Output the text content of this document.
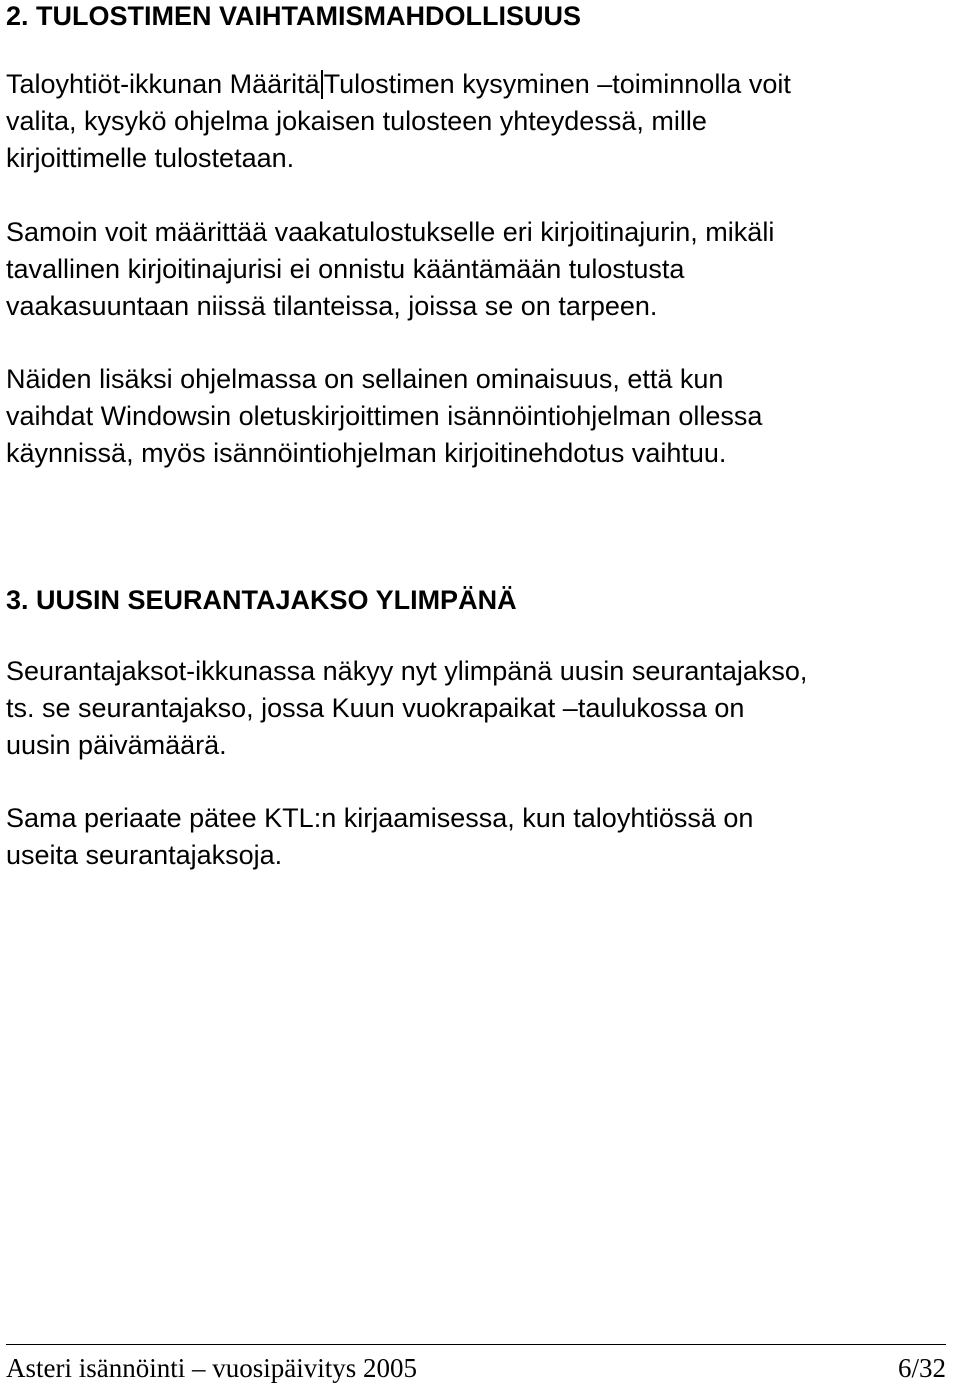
2. TULOSTIMEN VAIHTAMISMAHDOLLISUUS

Taloyhtiöt-ikkunan Määritä Tulostimen kysyminen –toiminnolla voit
valita, kysykö ohjelma jokaisen tulosteen yhteydessä, mille
kirjoittimelle tulostetaan.

Samoin voit määrittää vaakatulostukselle eri kirjoitinajurin, mikäli
tavallinen kirjoitinajurisi ei onnistu kääntämään tulostusta
vaakasuuntaan niissä tilanteissa, joissa se on tarpeen.

Näiden lisäksi ohjelmassa on sellainen ominaisuus, että kun
vaihdat Windowsin oletuskirjoittimen isännöintiohjelman ollessa
käynnissä, myös isännöintiohjelman kirjoitinehdotus vaihtuu.

3. UUSIN SEURANTAJAKSO YLIMPÄNÄ

Seurantajaksot-ikkunassa näkyy nyt ylimpänä uusin seurantajakso,
ts. se seurantajakso, jossa Kuun vuokrapaikat –taulukossa on
uusin päivämäärä.

Sama periaate pätee KTL:n kirjaamisessa, kun taloyhtiössä on
useita seurantajaksoja.

Asteri isännöinti – vuosipäivitys 2005	6/32
